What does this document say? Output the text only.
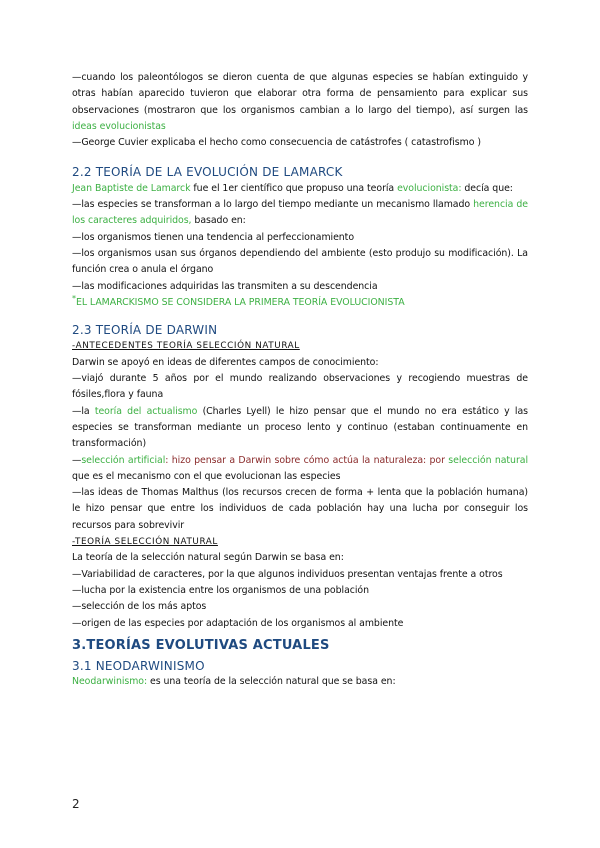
—cuando los paleontólogos se dieron cuenta de que algunas especies se habían extinguido y otras habían aparecido tuvieron que elaborar otra forma de pensamiento para explicar sus observaciones (mostraron que los organismos cambian a lo largo del tiempo), así surgen las ideas evolucionistas

—George Cuvier explicaba el hecho como consecuencia de catástrofes ( catastrofismo )

2.2 TEORÍA DE LA EVOLUCIÓN DE LAMARCK

Jean Baptiste de Lamarck fue el 1er científico que propuso una teoría evolucionista: decía que:

—las especies se transforman a lo largo del tiempo mediante un mecanismo llamado herencia de los caracteres adquiridos, basado en:

—los organismos tienen una tendencia al perfeccionamiento

—los organismos usan sus órganos dependiendo del ambiente (esto produjo su modificación). La función crea o anula el órgano

—las modificaciones adquiridas las transmiten a su descendencia

*EL LAMARCKISMO SE CONSIDERA LA PRIMERA TEORÍA EVOLUCIONISTA

2.3 TEORÍA DE DARWIN

-ANTECEDENTES TEORÍA SELECCIÓN NATURAL

Darwin se apoyó en ideas de diferentes campos de conocimiento:

—viajó durante 5 años por el mundo realizando observaciones y recogiendo muestras de fósiles,flora y fauna

—la teoría del actualismo (Charles Lyell) le hizo pensar que el mundo no era estático y las especies se transforman mediante un proceso lento y continuo (estaban continuamente en transformación)

—selección artificial: hizo pensar a Darwin sobre cómo actúa la naturaleza: por selección natural que es el mecanismo con el que evolucionan las especies

—las ideas de Thomas Malthus (los recursos crecen de forma + lenta que la población humana) le hizo pensar que entre los individuos de cada población hay una lucha por conseguir los recursos para sobrevivir

-TEORÍA SELECCIÓN NATURAL

La teoría de la selección natural según Darwin se basa en:

—Variabilidad de caracteres, por la que algunos individuos presentan ventajas frente a otros

—lucha por la existencia entre los organismos de una población

—selección de los más aptos

—origen de las especies por adaptación de los organismos al ambiente

3.TEORÍAS EVOLUTIVAS ACTUALES

3.1 NEODARWINISMO

Neodarwinismo: es una teoría de la selección natural que se basa en:

2
